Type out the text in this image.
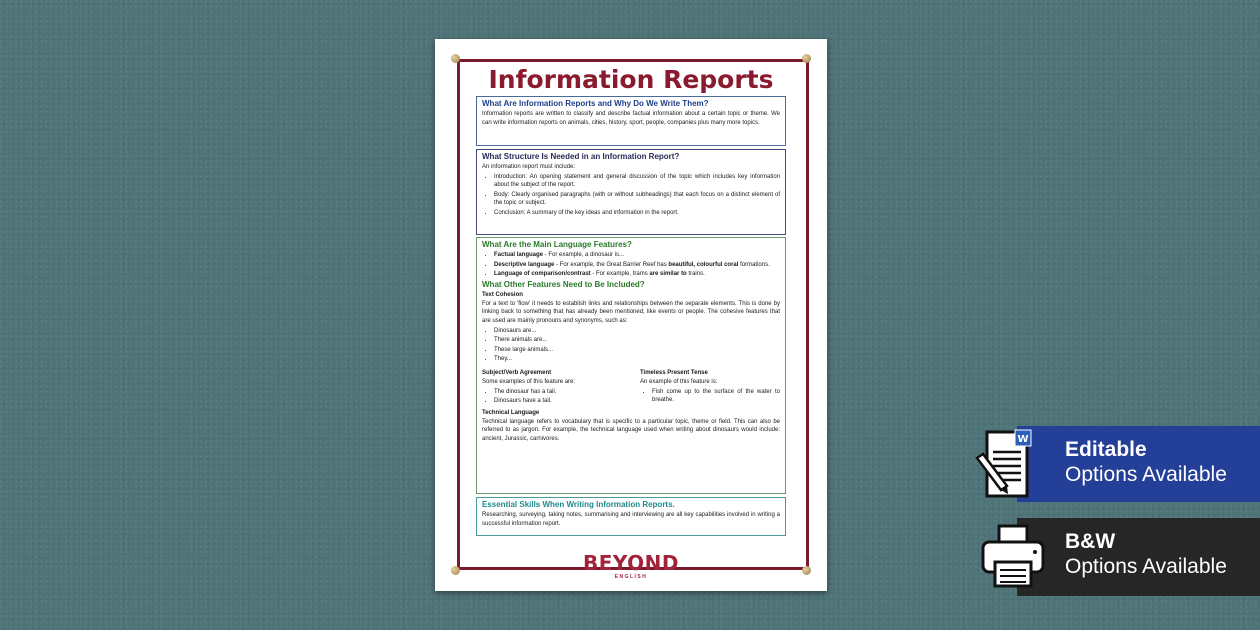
Information Reports
What Are Information Reports and Why Do We Write Them?

Information reports are written to classify and describe factual information about a certain topic or theme. We can write information reports on animals, cities, history, sport, people, companies plus many more topics.

What Structure Is Needed in an Information Report?

An information report must include:

• Introduction: An opening statement and general discussion of the topic which includes key information about the subject of the report.
• Body: Clearly organised paragraphs (with or without subheadings) that each focus on a distinct element of the topic or subject.
• Conclusion: A summary of the key ideas and information in the report.
What Are the Main Language Features?
• Factual language - For example, a dinosaur is...
• Descriptive language - For example, the Great Barrier Reef has beautiful, colourful coral formations.
• Language of comparison/contrast - For example, trams are similar to trains.
What Other Features Need to Be Included?
Text Cohesion

For a text to 'flow' it needs to establish links and relationships between the separate elements. This is done by linking back to something that has already been mentioned, like events or people. The cohesive features that are used are mainly pronouns and synonyms, such as:

• Dinosaurs are...
• There animals are...
• These large animals...
• They...
Subject/Verb Agreement

Some examples of this feature are:

• The dinosaur has a tail.
• Dinosaurs have a tail.
Timeless Present Tense

An example of this feature is:

• Fish come up to the surface of the water to breathe.
Technical Language

Technical language refers to vocabulary that is specific to a particular topic, theme or field. This can also be referred to as jargon. For example, the technical language used when writing about dinosaurs would include: ancient, Jurassic, carnivores.

Essential Skills When Writing Information Reports.

Researching, surveying, taking notes, summarising and interviewing are all key capabilities involved in writing a successful information report.

BEYOND
ENGLISH
W Editable
Options Available
B&W
Options Available
